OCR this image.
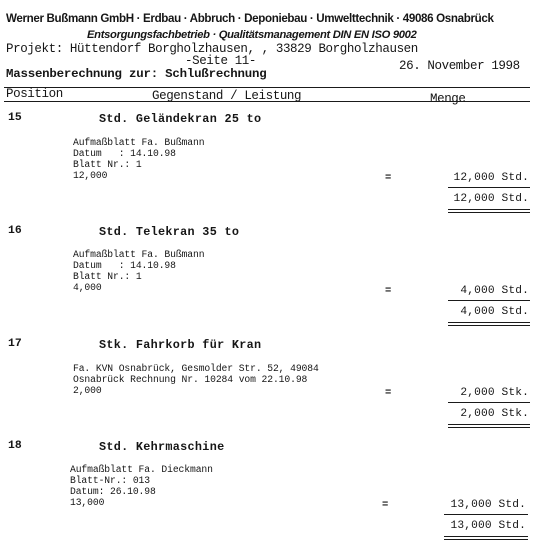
Werner Bußmann GmbH · Erdbau · Abbruch · Deponiebau · Umwelttechnik · 49086 Osnabrück
Entsorgungsfachbetrieb · Qualitätsmanagement DIN EN ISO 9002
Projekt: Hüttendorf Borgholzhausen, , 33829 Borgholzhausen
-Seite 11-	26. November 1998
Massenberechnung zur: Schlußrechnung
Position	Gegenstand / Leistung	Menge
15	Std. Geländekran 25 to
Aufmaßblatt Fa. Bußmann
Datum   : 14.10.98
Blatt Nr.: 1
12,000	=	12,000 Std.
12,000 Std.
16	Std. Telekran 35 to
Aufmaßblatt Fa. Bußmann
Datum   : 14.10.98
Blatt Nr.: 1
4,000	=	4,000 Std.
4,000 Std.
17	Stk. Fahrkorb für Kran
Fa. KVN Osnabrück, Gesmolder Str. 52, 49084
Osnabrück Rechnung Nr. 10284 vom 22.10.98
2,000	=	2,000 Stk.
2,000 Stk.
18	Std. Kehrmaschine
Aufmaßblatt Fa. Dieckmann
Blatt-Nr.: 013
Datum: 26.10.98
13,000	=	13,000 Std.
13,000 Std.
